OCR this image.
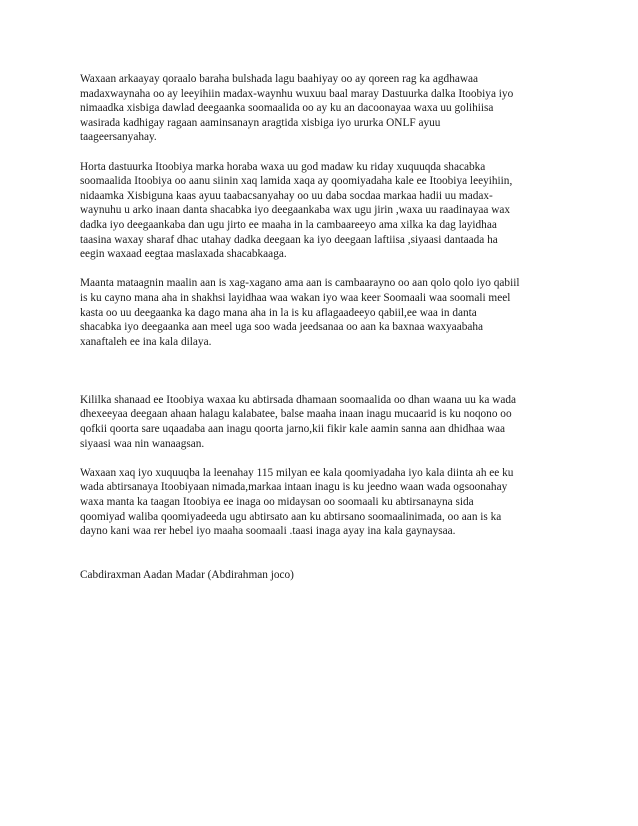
Waxaan arkaayay qoraalo baraha bulshada lagu baahiyay oo ay qoreen rag ka agdhawaa
madaxwaynaha oo ay leeyihiin madax-waynhu wuxuu baal maray Dastuurka dalka Itoobiya iyo
nimaadka xisbiga dawlad deegaanka soomaalida oo ay ku an dacoonayaa waxa uu golihiisa
wasirada kadhigay ragaan aaminsanayn aragtida xisbiga iyo ururka ONLF ayuu
taageersanyahay.
Horta dastuurka Itoobiya marka horaba waxa uu god madaw ku riday xuquuqda shacabka
soomaalida Itoobiya oo aanu siinin xaq lamida xaqa ay qoomiyadaha kale ee Itoobiya leeyihiin,
nidaamka Xisbiguna kaas ayuu taabacsanyahay oo uu daba socdaa markaa hadii uu madax-
waynuhu u arko inaan danta shacabka iyo deegaankaba wax ugu jirin ,waxa uu raadinayaa wax
dadka iyo deegaankaba dan ugu jirto ee maaha in la cambaareeyo ama xilka ka dag layidhaa
taasina waxay sharaf dhac utahay dadka deegaan ka iyo deegaan laftiisa ,siyaasi dantaada ha
eegin waxaad eegtaa maslaxada shacabkaaga.
Maanta mataagnin maalin aan is xag-xagano ama aan is cambaarayno oo aan qolo qolo iyo qabiil
is ku cayno mana aha in shakhsi layidhaa waa wakan iyo waa keer Soomaali waa soomali meel
kasta oo uu deegaanka ka dago mana aha in la is ku aflagaadeeyo qabiil,ee waa in danta
shacabka iyo deegaanka aan meel uga soo wada jeedsanaa oo aan ka baxnaa waxyaabaha
xanaftaleh ee ina kala dilaya.
Kililka shanaad ee Itoobiya waxaa ku abtirsada dhamaan soomaalida oo dhan waana uu ka wada
dhexeeyaa deegaan ahaan halagu kalabatee, balse maaha inaan inagu mucaarid is ku noqono oo
qofkii qoorta sare uqaadaba aan inagu qoorta jarno,kii fikir kale aamin sanna aan dhidhaa waa
siyaasi waa nin wanaagsan.
Waxaan xaq iyo xuquuqba la leenahay 115 milyan ee kala qoomiyadaha iyo kala diinta ah ee ku
wada abtirsanaya Itoobiyaan nimada,markaa intaan inagu is ku jeedno waan wada ogsoonahay
waxa manta ka taagan Itoobiya ee inaga oo midaysan oo soomaali ku abtirsanayna sida
qoomiyad waliba qoomiyadeeda ugu abtirsato aan ku abtirsano soomaalinimada, oo aan is ka
dayno kani waa rer hebel iyo maaha soomaali .taasi inaga ayay ina kala gaynaysaa.
Cabdiraxman Aadan Madar (Abdirahman joco)
